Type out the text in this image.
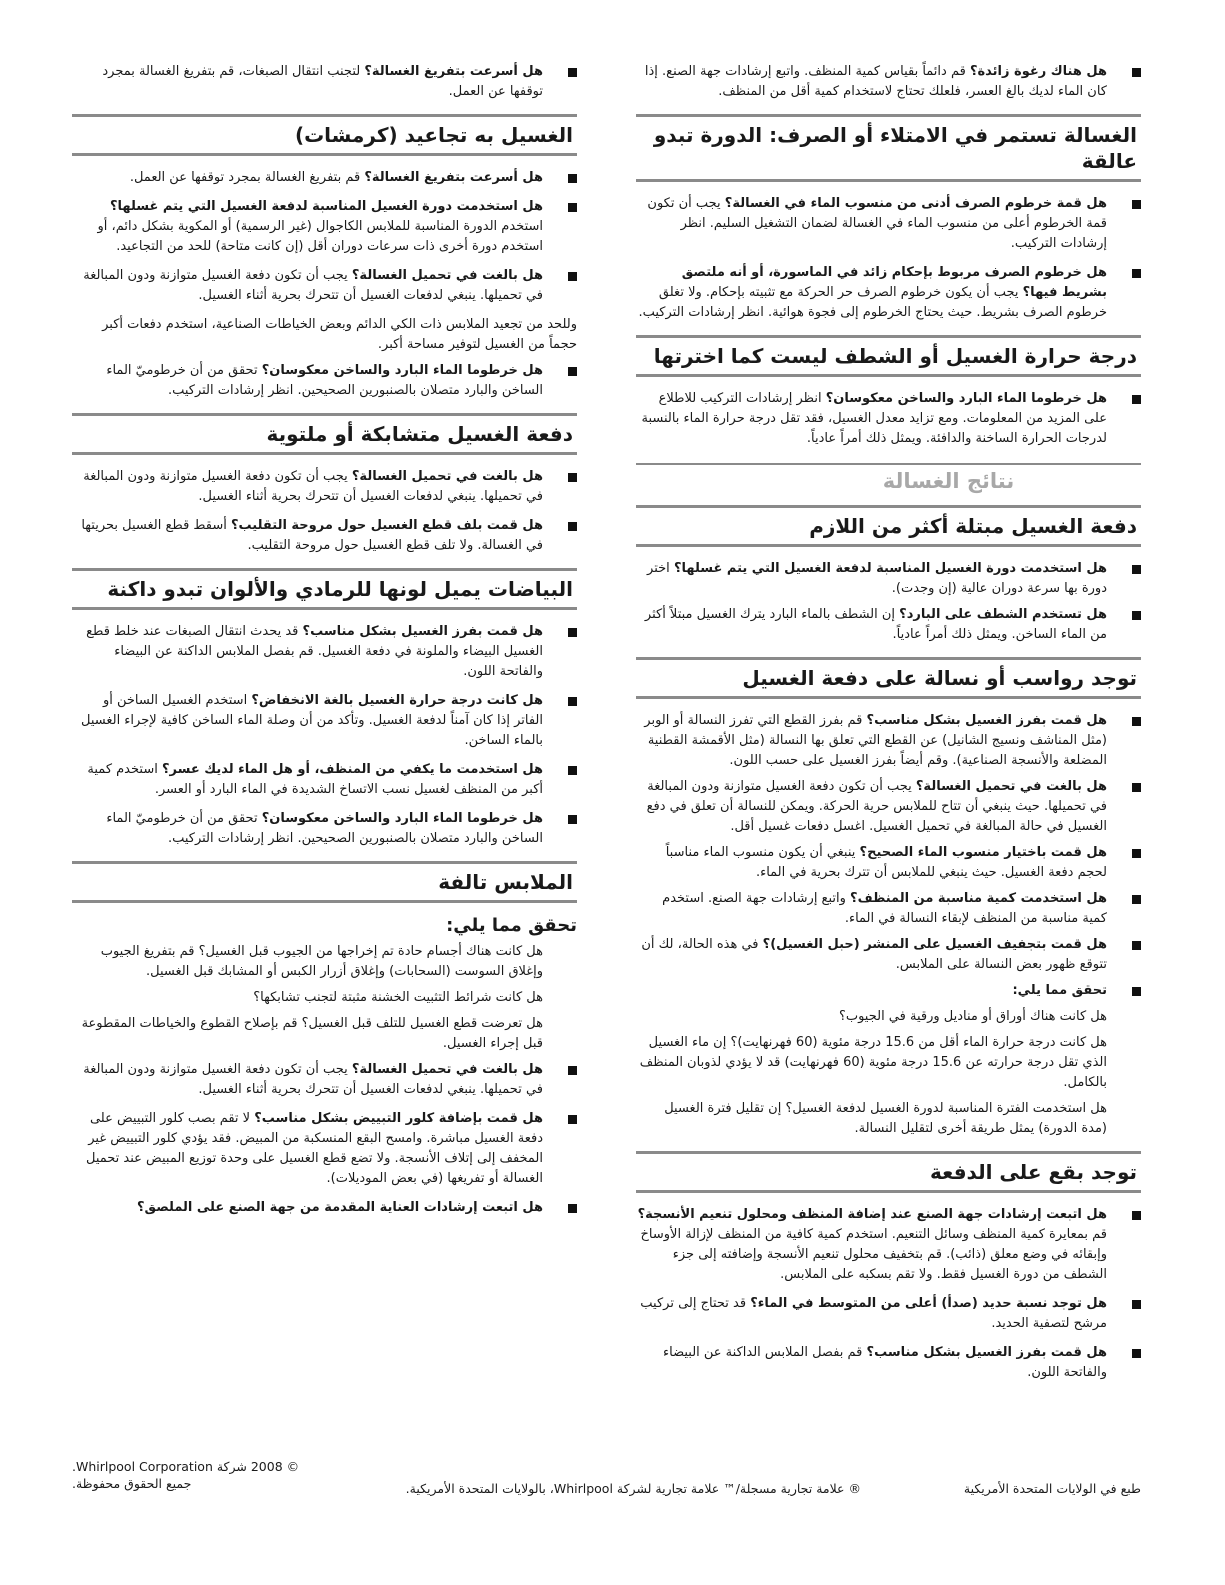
هل هناك رغوة زائدة؟ قم دائماً بقياس كمية المنظف. واتبع إرشادات جهة الصنع. إذا كان الماء لديك بالغ العسر، فلعلك تحتاج لاستخدام كمية أقل من المنظف.
الغسالة تستمر في الامتلاء أو الصرف: الدورة تبدو عالقة
هل قمة خرطوم الصرف أدنى من منسوب الماء في الغسالة؟ يجب أن تكون قمة الخرطوم أعلى من منسوب الماء في الغسالة لضمان التشغيل السليم. انظر إرشادات التركيب.
هل خرطوم الصرف مربوط بإحكام زائد في الماسورة، أو أنه ملتصق بشريط فيها؟ يجب أن يكون خرطوم الصرف حر الحركة مع تثبيته بإحكام. ولا تغلق خرطوم الصرف بشريط. حيث يحتاج الخرطوم إلى فجوة هوائية. انظر إرشادات التركيب.
درجة حرارة الغسيل أو الشطف ليست كما اخترتها
هل خرطوما الماء البارد والساخن معكوسان؟ انظر إرشادات التركيب للاطلاع على المزيد من المعلومات. ومع تزايد معدل الغسيل، فقد تقل درجة حرارة الماء بالنسبة لدرجات الحرارة الساخنة والدافئة. ويمثل ذلك أمراً عادياً.
نتائج الغسالة
دفعة الغسيل مبتلة أكثر من اللازم
هل استخدمت دورة الغسيل المناسبة لدفعة الغسيل التي يتم غسلها؟ اختر دورة بها سرعة دوران عالية (إن وجدت).
هل تستخدم الشطف على البارد؟ إن الشطف بالماء البارد يترك الغسيل مبتلاً أكثر من الماء الساخن. ويمثل ذلك أمراً عادياً.
توجد رواسب أو نسالة على دفعة الغسيل
هل قمت بفرز الغسيل بشكل مناسب؟ قم بفرز القطع التي تفرز النسالة أو الوبر (مثل المناشف ونسيج الشانيل) عن القطع التي تعلق بها النسالة (مثل الأقمشة القطنية المضلعة والأنسجة الصناعية). وقم أيضاً بفرز الغسيل على حسب اللون.
هل بالغت في تحميل الغسالة؟ يجب أن تكون دفعة الغسيل متوازنة ودون المبالغة في تحميلها. حيث ينبغي أن تتاح للملابس حرية الحركة. ويمكن للنسالة أن تعلق في دفع الغسيل في حالة المبالغة في تحميل الغسيل. اغسل دفعات غسيل أقل.
هل قمت باختيار منسوب الماء الصحيح؟ ينبغي أن يكون منسوب الماء مناسباً لحجم دفعة الغسيل. حيث ينبغي للملابس أن تترك بحرية في الماء.
هل استخدمت كمية مناسبة من المنظف؟ واتبع إرشادات جهة الصنع. استخدم كمية مناسبة من المنظف لإبقاء النسالة في الماء.
هل قمت بتجفيف الغسيل على المنشر (حبل الغسيل)؟ في هذه الحالة، لك أن تتوقع ظهور بعض النسالة على الملابس.
تحقق مما يلي:
هل كانت هناك أوراق أو مناديل ورقية في الجيوب؟
هل كانت درجة حرارة الماء أقل من 15.6 درجة مئوية (60 فهرنهايت)؟ إن ماء الغسيل الذي تقل درجة حرارته عن 15.6 درجة مئوية (60 فهرنهايت) قد لا يؤدي لذوبان المنظف بالكامل.
هل استخدمت الفترة المناسبة لدورة الغسيل لدفعة الغسيل؟ إن تقليل فترة الغسيل (مدة الدورة) يمثل طريقة أخرى لتقليل النسالة.
توجد بقع على الدفعة
هل اتبعت إرشادات جهة الصنع عند إضافة المنظف ومحلول تنعيم الأنسجة؟ قم بمعايرة كمية المنظف وسائل التنعيم. استخدم كمية كافية من المنظف لإزالة الأوساخ وإبقائه في وضع معلق (ذائب). قم بتخفيف محلول تنعيم الأنسجة وإضافته إلى جزء الشطف من دورة الغسيل فقط. ولا تقم بسكبه على الملابس.
هل توجد نسبة حديد (صدأ) أعلى من المتوسط في الماء؟ قد تحتاج إلى تركيب مرشح لتصفية الحديد.
هل قمت بفرز الغسيل بشكل مناسب؟ قم بفصل الملابس الداكنة عن البيضاء والفاتحة اللون.
هل أسرعت بتفريغ الغسالة؟ لتجنب انتقال الصبغات، قم بتفريغ الغسالة بمجرد توقفها عن العمل.
الغسيل به تجاعيد (كرمشات)
هل أسرعت بتفريغ الغسالة؟ قم بتفريغ الغسالة بمجرد توقفها عن العمل.
هل استخدمت دورة الغسيل المناسبة لدفعة الغسيل التي يتم غسلها؟ استخدم الدورة المناسبة للملابس الكاجوال (غير الرسمية) أو المكوية بشكل دائم، أو استخدم دورة أخرى ذات سرعات دوران أقل (إن كانت متاحة) للحد من التجاعيد.
هل بالغت في تحميل الغسالة؟ يجب أن تكون دفعة الغسيل متوازنة ودون المبالغة في تحميلها. ينبغي لدفعات الغسيل أن تتحرك بحرية أثناء الغسيل.
وللحد من تجعيد الملابس ذات الكي الدائم وبعض الخياطات الصناعية، استخدم دفعات أكبر حجماً من الغسيل لتوفير مساحة أكبر.
هل خرطوما الماء البارد والساخن معكوسان؟ تحقق من أن خرطوميّ الماء الساخن والبارد متصلان بالصنبورين الصحيحين. انظر إرشادات التركيب.
دفعة الغسيل متشابكة أو ملتوية
هل بالغت في تحميل الغسالة؟ يجب أن تكون دفعة الغسيل متوازنة ودون المبالغة في تحميلها. ينبغي لدفعات الغسيل أن تتحرك بحرية أثناء الغسيل.
هل قمت بلف قطع الغسيل حول مروحة التقليب؟ أسقط قطع الغسيل بحريتها في الغسالة. ولا تلف قطع الغسيل حول مروحة التقليب.
البياضات يميل لونها للرمادي والألوان تبدو داكنة
هل قمت بفرز الغسيل بشكل مناسب؟ قد يحدث انتقال الصبغات عند خلط قطع الغسيل البيضاء والملونة في دفعة الغسيل. قم بفصل الملابس الداكنة عن البيضاء والفاتحة اللون.
هل كانت درجة حرارة الغسيل بالغة الانخفاض؟ استخدم الغسيل الساخن أو الفاتر إذا كان آمناً لدفعة الغسيل. وتأكد من أن وصلة الماء الساخن كافية لإجراء الغسيل بالماء الساخن.
هل استخدمت ما يكفي من المنظف، أو هل الماء لديك عسر؟ استخدم كمية أكبر من المنظف لغسيل نسب الاتساخ الشديدة في الماء البارد أو العسر.
هل خرطوما الماء البارد والساخن معكوسان؟ تحقق من أن خرطوميّ الماء الساخن والبارد متصلان بالصنبورين الصحيحين. انظر إرشادات التركيب.
الملابس تالفة
تحقق مما يلي:
هل كانت هناك أجسام حادة تم إخراجها من الجيوب قبل الغسيل؟ قم بتفريغ الجيوب وإغلاق السوست (السحابات) وإغلاق أزرار الكبس أو المشابك قبل الغسيل.
هل كانت شرائط التثبيت الخشنة مثبتة لتجنب تشابكها؟
هل تعرضت قطع الغسيل للتلف قبل الغسيل؟ قم بإصلاح القطوع والخياطات المقطوعة قبل إجراء الغسيل.
هل بالغت في تحميل الغسالة؟ يجب أن تكون دفعة الغسيل متوازنة ودون المبالغة في تحميلها. ينبغي لدفعات الغسيل أن تتحرك بحرية أثناء الغسيل.
هل قمت بإضافة كلور التبييض بشكل مناسب؟ لا تقم بصب كلور التبييض على دفعة الغسيل مباشرة. وامسح البقع المنسكبة من المبيض. فقد يؤدي كلور التبييض غير المخفف إلى إتلاف الأنسجة. ولا تضع قطع الغسيل على وحدة توزيع المبيض عند تحميل الغسالة أو تفريغها (في بعض الموديلات).
هل اتبعت إرشادات العناية المقدمة من جهة الصنع على الملصق؟
طبع في الولايات المتحدة الأمريكية
® علامة تجارية مسجلة/™ علامة تجارية لشركة Whirlpool، بالولايات المتحدة الأمريكية.
© 2008 شركة Whirlpool Corporation.
جميع الحقوق محفوظة.
